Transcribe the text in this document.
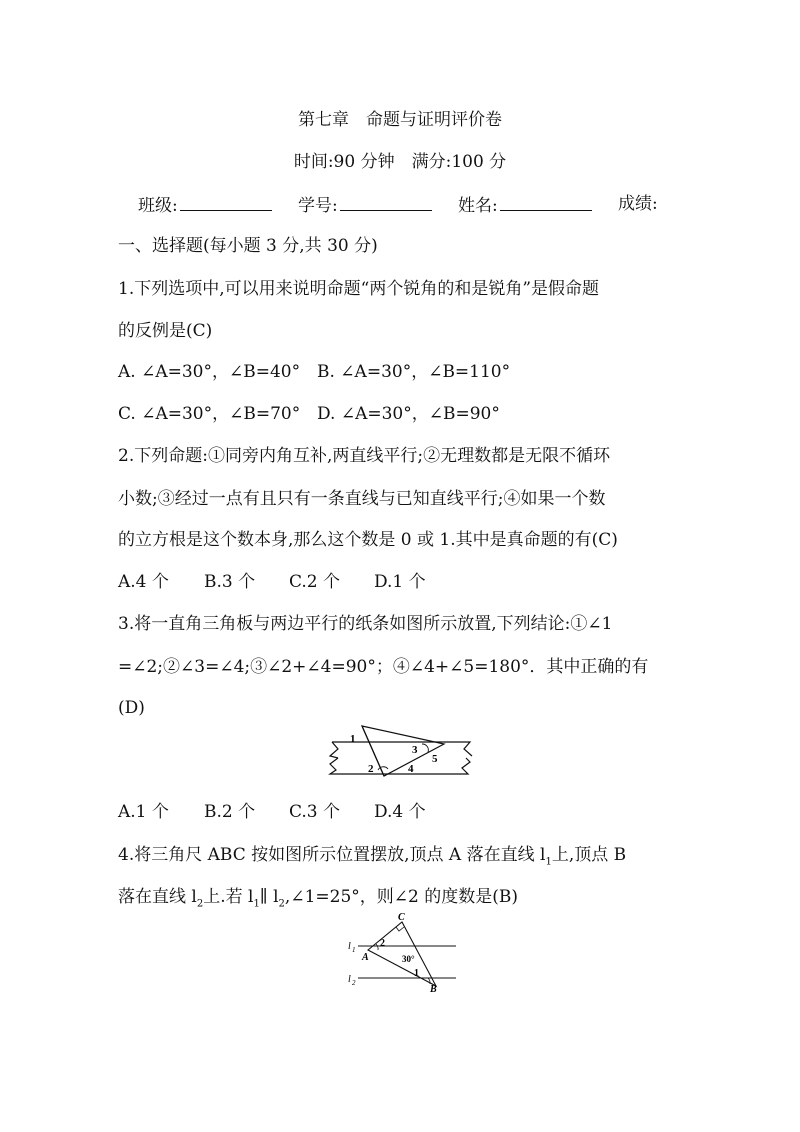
第七章　命题与证明评价卷
时间:90 分钟　满分:100 分
班级:	学号:	姓名:	成绩:
一、选择题(每小题 3 分,共 30 分)
1.下列选项中,可以用来说明命题“两个锐角的和是锐角”是假命题
的反例是(C)
A. ∠A=30°，∠B=40° B. ∠A=30°，∠B=110°
C. ∠A=30°，∠B=70° D. ∠A=30°，∠B=90°
2.下列命题:①同旁内角互补,两直线平行;②无理数都是无限不循环
小数;③经过一点有且只有一条直线与已知直线平行;④如果一个数
的立方根是这个数本身,那么这个数是 0 或 1.其中是真命题的有(C)
A.4 个 B.3 个 C.2 个 D.1 个
3.将一直角三角板与两边平行的纸条如图所示放置,下列结论:①∠1
=∠2;②∠3=∠4;③∠2+∠4=90°；④∠4+∠5=180°．其中正确的有
(D)
1
2
3
4
5
A.1 个 B.2 个 C.3 个 D.4 个
4.将三角尺 ABC 按如图所示位置摆放,顶点 A 落在直线 $l_1$上,顶点 B
落在直线 $l_2$上.若 $l_1\parallel$ $l_2,\angle 1=25^\circ$，则∠2 的度数是(B)
C
A
B
l 1
l 2
2
1
30°
